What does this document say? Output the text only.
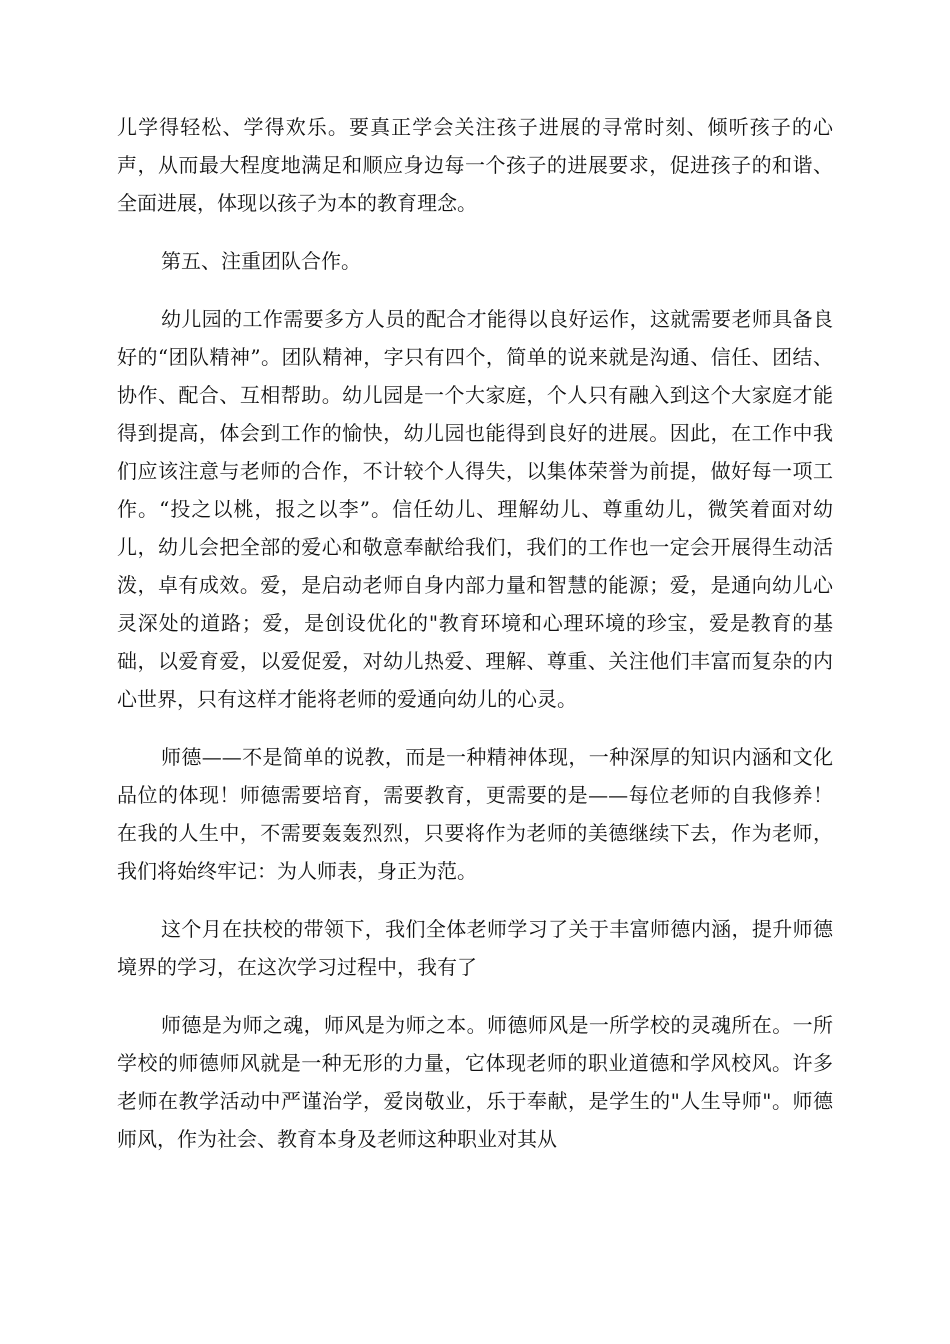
儿学得轻松、学得欢乐。要真正学会关注孩子进展的寻常时刻、倾听孩子的心声，从而最大程度地满足和顺应身边每一个孩子的进展要求，促进孩子的和谐、全面进展，体现以孩子为本的教育理念。

第五、注重团队合作。

幼儿园的工作需要多方人员的配合才能得以良好运作，这就需要老师具备良好的“团队精神”。团队精神，字只有四个，简单的说来就是沟通、信任、团结、协作、配合、互相帮助。幼儿园是一个大家庭，个人只有融入到这个大家庭才能得到提高，体会到工作的愉快，幼儿园也能得到良好的进展。因此，在工作中我们应该注意与老师的合作，不计较个人得失，以集体荣誉为前提，做好每一项工作。“投之以桃，报之以李”。信任幼儿、理解幼儿、尊重幼儿，微笑着面对幼儿，幼儿会把全部的爱心和敬意奉献给我们，我们的工作也一定会开展得生动活泼，卓有成效。爱，是启动老师自身内部力量和智慧的能源；爱，是通向幼儿心灵深处的道路；爱，是创设优化的"教育环境和心理环境的珍宝，爱是教育的基础，以爱育爱，以爱促爱，对幼儿热爱、理解、尊重、关注他们丰富而复杂的内心世界，只有这样才能将老师的爱通向幼儿的心灵。

师德——不是简单的说教，而是一种精神体现，一种深厚的知识内涵和文化品位的体现！师德需要培育，需要教育，更需要的是——每位老师的自我修养！在我的人生中，不需要轰轰烈烈，只要将作为老师的美德继续下去，作为老师，我们将始终牢记：为人师表，身正为范。

这个月在扶校的带领下，我们全体老师学习了关于丰富师德内涵，提升师德境界的学习，在这次学习过程中，我有了

师德是为师之魂，师风是为师之本。师德师风是一所学校的灵魂所在。一所学校的师德师风就是一种无形的力量，它体现老师的职业道德和学风校风。许多老师在教学活动中严谨治学，爱岗敬业，乐于奉献，是学生的"人生导师"。师德师风，作为社会、教育本身及老师这种职业对其从
